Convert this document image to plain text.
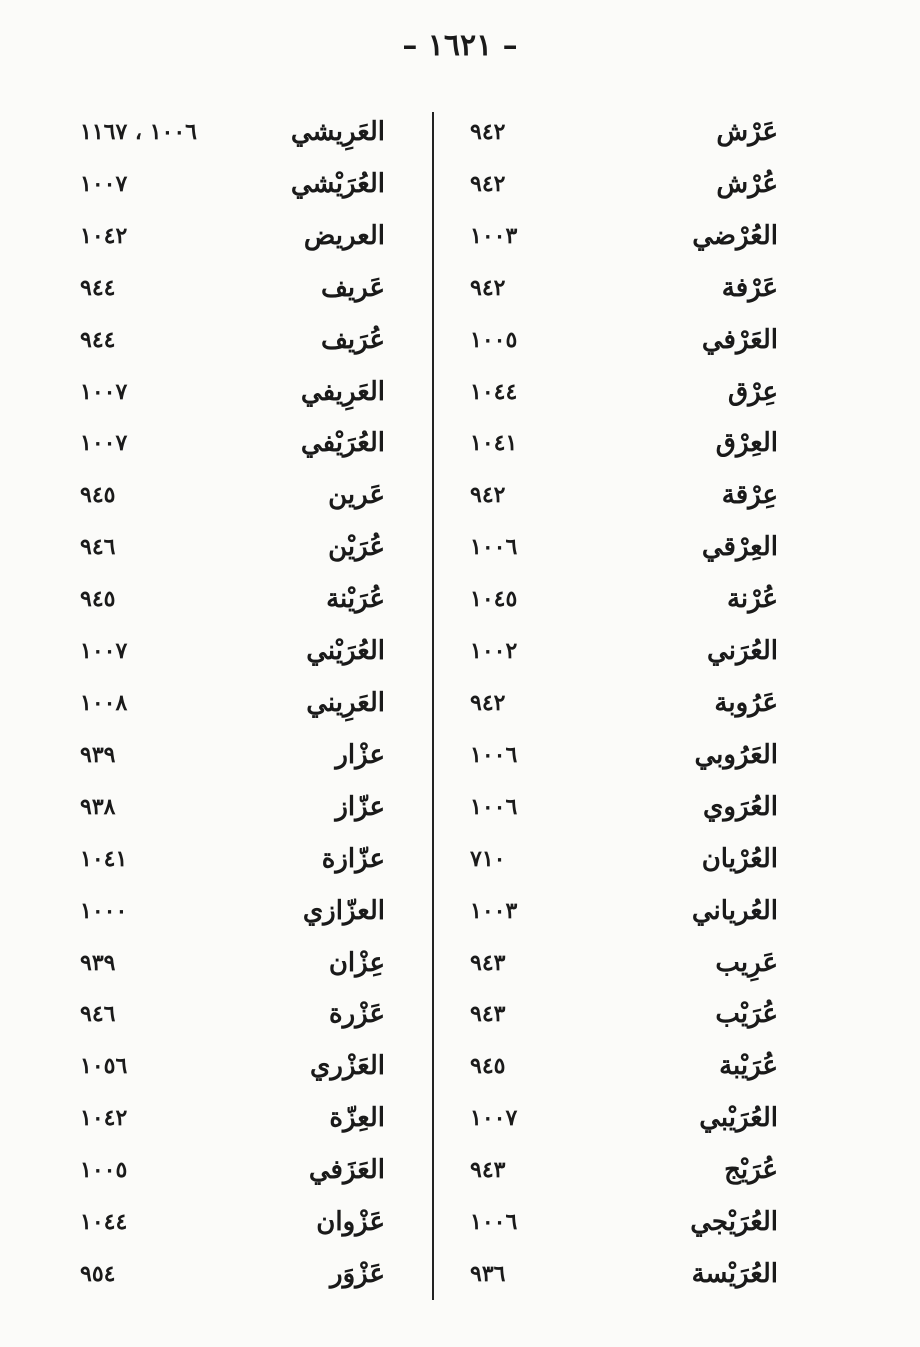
– ١٦٢١ –
عَرْش
٩٤٢
عُرْش
٩٤٢
العُرْضي
١٠٠٣
عَرْفة
٩٤٢
العَرْفي
١٠٠٥
عِرْق
١٠٤٤
العِرْق
١٠٤١
عِرْقة
٩٤٢
العِرْقي
١٠٠٦
عُرْنة
١٠٤٥
العُرَني
١٠٠٢
عَرُوبة
٩٤٢
العَرُوبي
١٠٠٦
العُرَوي
١٠٠٦
العُرْيان
٧١٠
العُرياني
١٠٠٣
عَرِيب
٩٤٣
عُرَيْب
٩٤٣
عُرَيْبة
٩٤٥
العُرَيْبي
١٠٠٧
عُرَيْج
٩٤٣
العُرَيْجي
١٠٠٦
العُرَيْسة
٩٣٦
العَرِيشي
١٠٠٦ ، ١١٦٧
العُرَيْشي
١٠٠٧
العريض
١٠٤٢
عَريف
٩٤٤
عُرَيف
٩٤٤
العَرِيفي
١٠٠٧
العُرَيْفي
١٠٠٧
عَرين
٩٤٥
عُرَيْن
٩٤٦
عُرَيْنة
٩٤٥
العُرَيْني
١٠٠٧
العَرِيني
١٠٠٨
عزْار
٩٣٩
عزّاز
٩٣٨
عزّازة
١٠٤١
العزّازي
١٠٠٠
عِزْان
٩٣٩
عَزْرة
٩٤٦
العَزْري
١٠٥٦
العِزّة
١٠٤٢
العَزَفي
١٠٠٥
عَزْوان
١٠٤٤
عَزْوَر
٩٥٤
